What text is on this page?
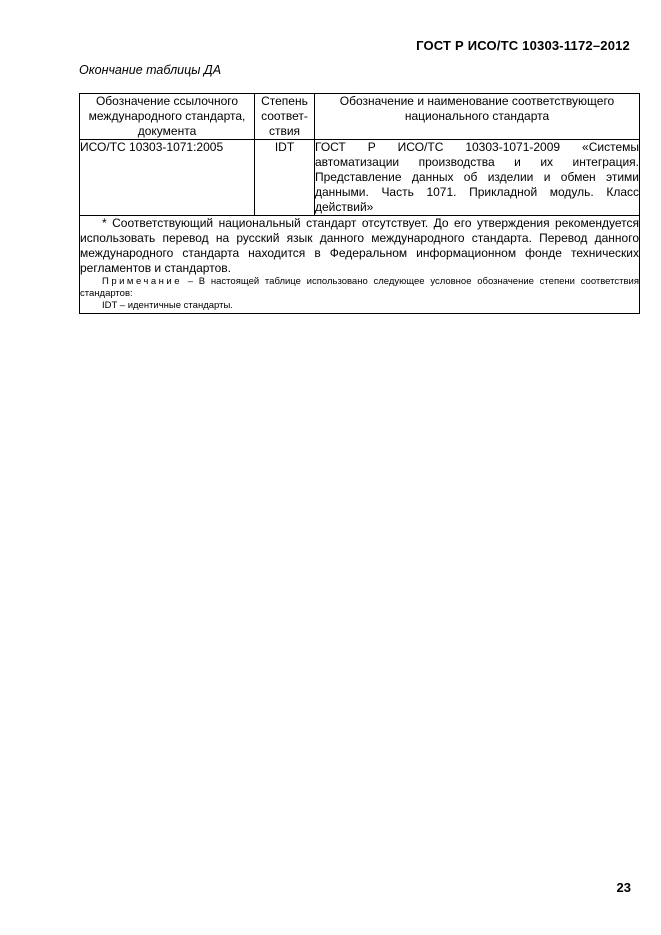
ГОСТ Р ИСО/ТС 10303-1172–2012
Окончание таблицы ДА
Обозначение ссылочного международного стандарта, документа	Степень соответ-ствия	Обозначение и наименование соответствующего национального стандарта
ИСО/ТС 10303-1071:2005	IDT	ГОСТ Р ИСО/ТС 10303-1071-2009 «Системы автоматизации производства и их интеграция. Представление данных об изделии и обмен этими данными. Часть 1071. Прикладной модуль. Класс действий»

* Соответствующий национальный стандарт отсутствует. До его утверждения рекомендуется использовать перевод на русский язык данного международного стандарта. Перевод данного международного стандарта находится в Федеральном информационном фонде технических регламентов и стандартов.

Примечание – В настоящей таблице использовано следующее условное обозначение степени соответствия стандартов:

IDT – идентичные стандарты.		

23
